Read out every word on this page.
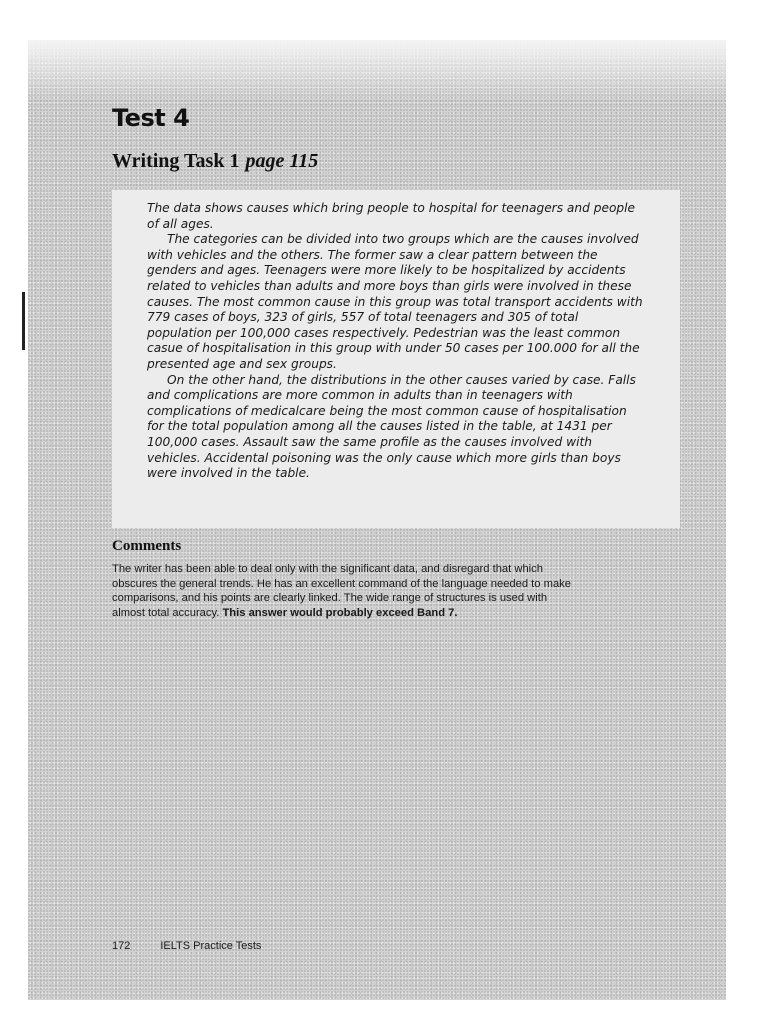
Test 4
Writing Task 1 page 115

The data shows causes which bring people to hospital for teenagers and people of all ages.

The categories can be divided into two groups which are the causes involved with vehicles and the others. The former saw a clear pattern between the genders and ages. Teenagers were more likely to be hospitalized by accidents related to vehicles than adults and more boys than girls were involved in these causes. The most common cause in this group was total transport accidents with 779 cases of boys, 323 of girls, 557 of total teenagers and 305 of total population per 100,000 cases respectively. Pedestrian was the least common casue of hospitalisation in this group with under 50 cases per 100.000 for all the presented age and sex groups.

On the other hand, the distributions in the other causes varied by case. Falls and complications are more common in adults than in teenagers with complications of medicalcare being the most common cause of hospitalisation for the total population among all the causes listed in the table, at 1431 per 100,000 cases. Assault saw the same profile as the causes involved with vehicles. Accidental poisoning was the only cause which more girls than boys were involved in the table.

Comments

The writer has been able to deal only with the significant data, and disregard that which obscures the general trends. He has an excellent command of the language needed to make comparisons, and his points are clearly linked. The wide range of structures is used with almost total accuracy. This answer would probably exceed Band 7.

172	IELTS Practice Tests
